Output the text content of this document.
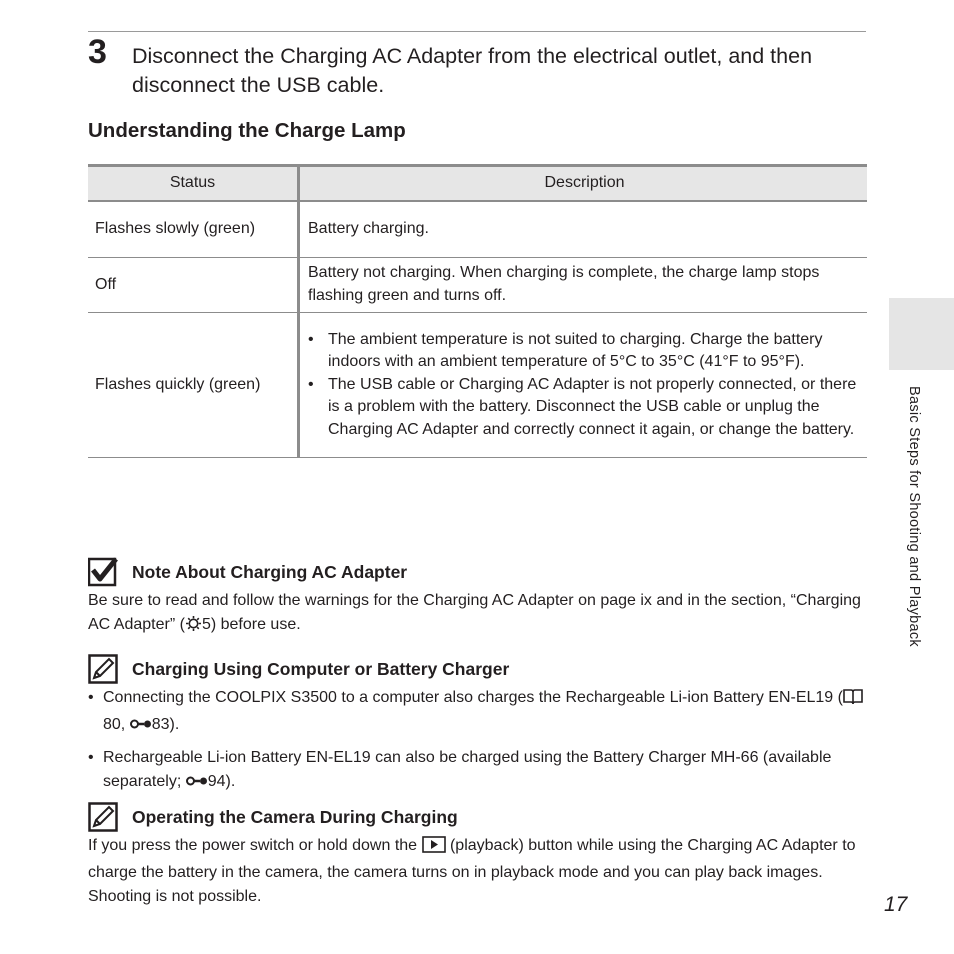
3 Disconnect the Charging AC Adapter from the electrical outlet, and then disconnect the USB cable.
Understanding the Charge Lamp
Status	Description
Flashes slowly (green)	Battery charging.
Off	Battery not charging. When charging is complete, the charge lamp stops flashing green and turns off.
Flashes quickly (green)	• The ambient temperature is not suited to charging. Charge the battery indoors with an ambient temperature of 5°C to 35°C (41°F to 95°F).
• The USB cable or Charging AC Adapter is not properly connected, or there is a problem with the battery. Disconnect the USB cable or unplug the Charging AC Adapter and correctly connect it again, or change the battery.
Note About Charging AC Adapter

Be sure to read and follow the warnings for the Charging AC Adapter on page ix and in the section, “Charging AC Adapter” ( 5) before use.

Charging Using Computer or Battery Charger
• Connecting the COOLPIX S3500 to a computer also charges the Rechargeable Li-ion Battery EN-EL19 (80, 83).
• Rechargeable Li-ion Battery EN-EL19 can also be charged using the Battery Charger MH-66 (available separately; 94).
Operating the Camera During Charging

If you press the power switch or hold down the  (playback) button while using the Charging AC Adapter to charge the battery in the camera, the camera turns on in playback mode and you can play back images. Shooting is not possible.

Basic Steps for Shooting and Playback
17
